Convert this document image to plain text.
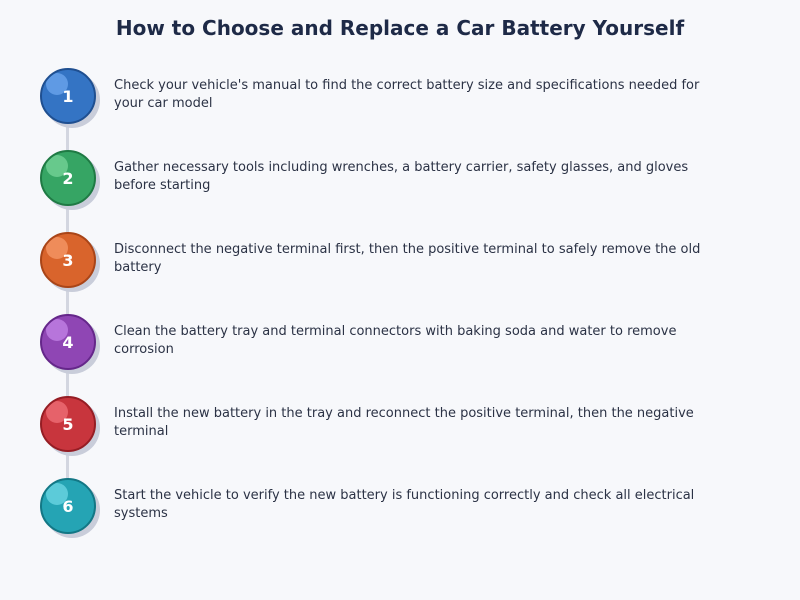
How to Choose and Replace a Car Battery Yourself
1
Check your vehicle's manual to find the correct battery size and specifications needed for your car model
2
Gather necessary tools including wrenches, a battery carrier, safety glasses, and gloves before starting
3
Disconnect the negative terminal first, then the positive terminal to safely remove the old battery
4
Clean the battery tray and terminal connectors with baking soda and water to remove corrosion
5
Install the new battery in the tray and reconnect the positive terminal, then the negative terminal
6
Start the vehicle to verify the new battery is functioning correctly and check all electrical systems
